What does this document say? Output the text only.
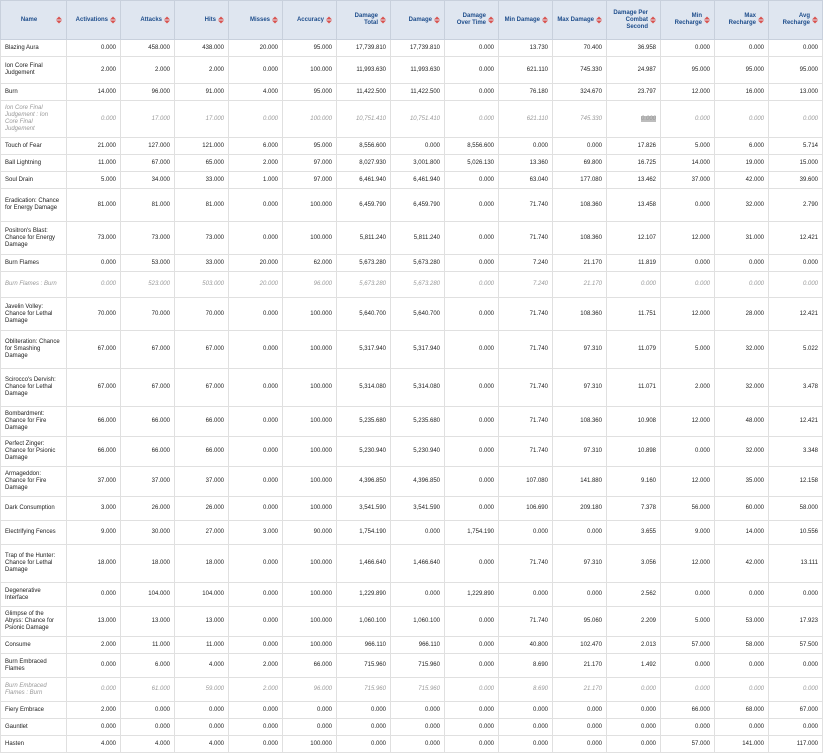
Name	Activations	Attacks	Hits	Misses	Accuracy	Damage Total	Damage	Damage Over Time	Min Damage	Max Damage	Damage Per Combat Second	Min Recharge	Max Recharge	Avg Recharge

Blazing Aura	0.000	458.000	438.000	20.000	95.000	17,739.810	17,739.810	0.000	13.730	70.400	36.958	0.000	0.000	0.000
Ion Core Final Judgement	2.000	2.000	2.000	0.000	100.000	11,993.630	11,993.630	0.000	621.110	745.330	24.987	95.000	95.000	95.000
Burn	14.000	96.000	91.000	4.000	95.000	11,422.500	11,422.500	0.000	76.180	324.670	23.797	12.000	16.000	13.000
Ion Core Final Judgement : Ion Core Final Judgement	0.000	17.000	17.000	0.000	100.000	10,751.410	10,751.410	0.000	621.110	745.330	0.000	0.000	0.000	0.000
Touch of Fear	21.000	127.000	121.000	6.000	95.000	8,556.600	0.000	8,556.600	0.000	0.000	17.826	5.000	6.000	5.714
Ball Lightning	11.000	67.000	65.000	2.000	97.000	8,027.930	3,001.800	5,026.130	13.360	69.800	16.725	14.000	19.000	15.000
Soul Drain	5.000	34.000	33.000	1.000	97.000	6,461.940	6,461.940	0.000	63.040	177.080	13.462	37.000	42.000	39.600
Eradication: Chance for Energy Damage	81.000	81.000	81.000	0.000	100.000	6,459.790	6,459.790	0.000	71.740	108.360	13.458	0.000	32.000	2.790
Positron's Blast: Chance for Energy Damage	73.000	73.000	73.000	0.000	100.000	5,811.240	5,811.240	0.000	71.740	108.360	12.107	12.000	31.000	12.421
Burn Flames	0.000	53.000	33.000	20.000	62.000	5,673.280	5,673.280	0.000	7.240	21.170	11.819	0.000	0.000	0.000
Burn Flames : Burn	0.000	523.000	503.000	20.000	96.000	5,673.280	5,673.280	0.000	7.240	21.170	0.000	0.000	0.000	0.000
Javelin Volley: Chance for Lethal Damage	70.000	70.000	70.000	0.000	100.000	5,640.700	5,640.700	0.000	71.740	108.360	11.751	12.000	28.000	12.421
Obliteration: Chance for Smashing Damage	67.000	67.000	67.000	0.000	100.000	5,317.940	5,317.940	0.000	71.740	97.310	11.079	5.000	32.000	5.022
Scirocco's Dervish: Chance for Lethal Damage	67.000	67.000	67.000	0.000	100.000	5,314.080	5,314.080	0.000	71.740	97.310	11.071	2.000	32.000	3.478
Bombardment: Chance for Fire Damage	66.000	66.000	66.000	0.000	100.000	5,235.680	5,235.680	0.000	71.740	108.360	10.908	12.000	48.000	12.421
Perfect Zinger: Chance for Psionic Damage	66.000	66.000	66.000	0.000	100.000	5,230.940	5,230.940	0.000	71.740	97.310	10.898	0.000	32.000	3.348
Armageddon: Chance for Fire Damage	37.000	37.000	37.000	0.000	100.000	4,396.850	4,396.850	0.000	107.080	141.880	9.160	12.000	35.000	12.158
Dark Consumption	3.000	26.000	26.000	0.000	100.000	3,541.590	3,541.590	0.000	106.690	209.180	7.378	56.000	60.000	58.000
Electrifying Fences	9.000	30.000	27.000	3.000	90.000	1,754.190	0.000	1,754.190	0.000	0.000	3.655	9.000	14.000	10.556
Trap of the Hunter: Chance for Lethal Damage	18.000	18.000	18.000	0.000	100.000	1,466.640	1,466.640	0.000	71.740	97.310	3.056	12.000	42.000	13.111
Degenerative Interface	0.000	104.000	104.000	0.000	100.000	1,229.890	0.000	1,229.890	0.000	0.000	2.562	0.000	0.000	0.000
Glimpse of the Abyss: Chance for Psionic Damage	13.000	13.000	13.000	0.000	100.000	1,060.100	1,060.100	0.000	71.740	95.060	2.209	5.000	53.000	17.923
Consume	2.000	11.000	11.000	0.000	100.000	966.110	966.110	0.000	40.800	102.470	2.013	57.000	58.000	57.500
Burn Embraced Flames	0.000	6.000	4.000	2.000	66.000	715.960	715.960	0.000	8.690	21.170	1.492	0.000	0.000	0.000
Burn Embraced Flames : Burn	0.000	61.000	59.000	2.000	96.000	715.960	715.960	0.000	8.690	21.170	0.000	0.000	0.000	0.000
Fiery Embrace	2.000	0.000	0.000	0.000	0.000	0.000	0.000	0.000	0.000	0.000	0.000	66.000	68.000	67.000
Gauntlet	0.000	0.000	0.000	0.000	0.000	0.000	0.000	0.000	0.000	0.000	0.000	0.000	0.000	0.000
Hasten	4.000	4.000	4.000	0.000	100.000	0.000	0.000	0.000	0.000	0.000	0.000	57.000	141.000	117.000
